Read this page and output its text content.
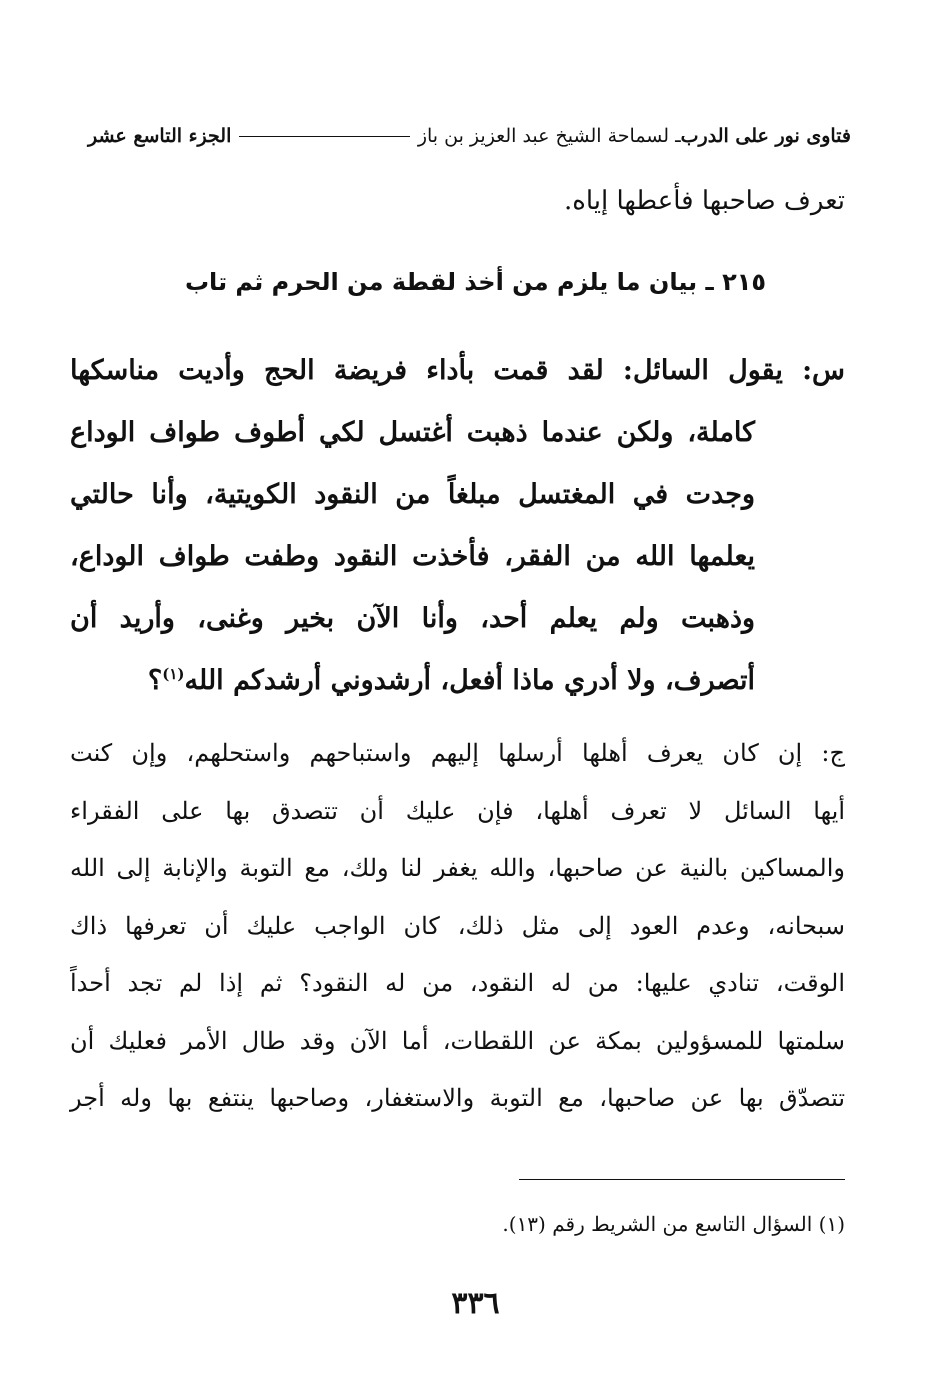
فتاوى نور على الدرب
ـ لسماحة الشيخ عبد العزيز بن باز
الجزء التاسع عشر
تعرف صاحبها فأعطها إياه.
٢١٥ ـ بيان ما يلزم من أخذ لقطة من الحرم ثم تاب
س: يقول السائل: لقد قمت بأداء فريضة الحج وأديت مناسكها
كاملة، ولكن عندما ذهبت أغتسل لكي أطوف طواف الوداع
وجدت في المغتسل مبلغاً من النقود الكويتية، وأنا حالتي
يعلمها الله من الفقر، فأخذت النقود وطفت طواف الوداع،
وذهبت ولم يعلم أحد، وأنا الآن بخير وغنى، وأريد أن
أتصرف، ولا أدري ماذا أفعل، أرشدوني أرشدكم الله$^{(١)}$؟
ج: إن كان يعرف أهلها أرسلها إليهم واستباحهم واستحلهم، وإن كنت
أيها السائل لا تعرف أهلها، فإن عليك أن تتصدق بها على الفقراء
والمساكين بالنية عن صاحبها، والله يغفر لنا ولك، مع التوبة والإنابة إلى الله
سبحانه، وعدم العود إلى مثل ذلك، كان الواجب عليك أن تعرفها ذاك
الوقت، تنادي عليها: من له النقود، من له النقود؟ ثم إذا لم تجد أحداً
سلمتها للمسؤولين بمكة عن اللقطات، أما الآن وقد طال الأمر فعليك أن
تتصدّق بها عن صاحبها، مع التوبة والاستغفار، وصاحبها ينتفع بها وله أجر
(١) السؤال التاسع من الشريط رقم (١٣).
٣٣٦
